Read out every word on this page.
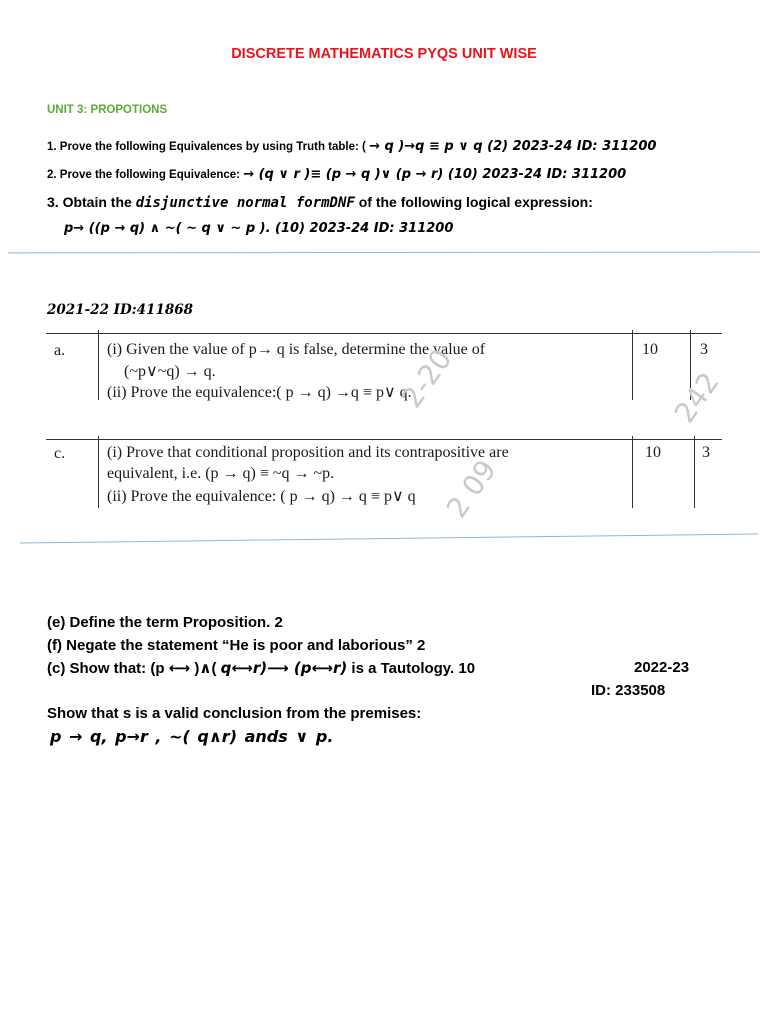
DISCRETE MATHEMATICS PYQS UNIT WISE
UNIT 3: PROPOTIONS
1. Prove the following Equivalences by using Truth table: ( → q )→q ≡ p ∨ q (2) 2023-24 ID: 311200
2. Prove the following Equivalence: → (q ∨ r )≡ (p → q )∨ (p → r) (10) 2023-24 ID: 311200
3. Obtain the disjunctive normal formDNF of the following logical expression:
p→ ((p → q) ∧ ~( ~ q ∨ ~ p ). (10) 2023-24 ID: 311200
2021-22 ID:411868
a.	(i) Given the value of p→ q is false, determine the value of
(~p∨~q) → q.
(ii) Prove the equivalence:( p → q) →q ≡ p∨ q.
10	3
c.	(i) Prove that conditional proposition and its contrapositive are
equivalent, i.e. (p → q) ≡ ~q → ~p.
(ii) Prove the equivalence: ( p → q) → q ≡ p∨ q
10	3
2-20	242
2 09
(e) Define the term Proposition. 2
(f) Negate the statement “He is poor and laborious” 2
(c) Show that: (p ⟷ )∧( q⟷r)⟶ (p⟷r) is a Tautology. 10	2022-23
ID: 233508
Show that s is a valid conclusion from the premises:
p → q, p→r , ~( q∧r) ands ∨ p.
